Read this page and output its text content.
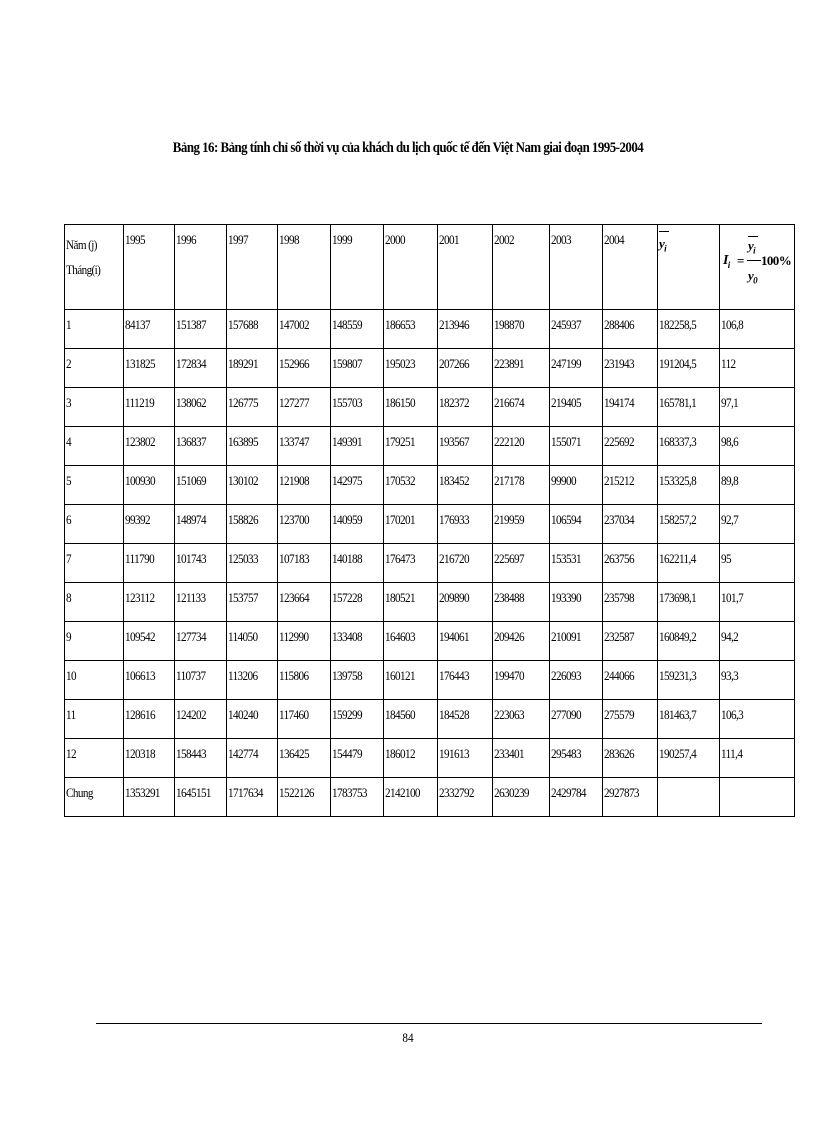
Bảng 16: Bảng tính chỉ số thời vụ của khách du lịch quốc tế đến Việt Nam giai đoạn 1995-2004
Năm (j)
Tháng(i)	1995	1996	1997	1998	1999	2000	2001	2002	2003	2004	$y_i$	$I_i$ =
$y_i$
$y_0$
100%

1	84137	151387	157688	147002	148559	186653	213946	198870	245937	288406	182258,5	106,8
2	131825	172834	189291	152966	159807	195023	207266	223891	247199	231943	191204,5	112
3	111219	138062	126775	127277	155703	186150	182372	216674	219405	194174	165781,1	97,1
4	123802	136837	163895	133747	149391	179251	193567	222120	155071	225692	168337,3	98,6
5	100930	151069	130102	121908	142975	170532	183452	217178	99900	215212	153325,8	89,8
6	99392	148974	158826	123700	140959	170201	176933	219959	106594	237034	158257,2	92,7
7	111790	101743	125033	107183	140188	176473	216720	225697	153531	263756	162211,4	95
8	123112	121133	153757	123664	157228	180521	209890	238488	193390	235798	173698,1	101,7
9	109542	127734	114050	112990	133408	164603	194061	209426	210091	232587	160849,2	94,2
10	106613	110737	113206	115806	139758	160121	176443	199470	226093	244066	159231,3	93,3
11	128616	124202	140240	117460	159299	184560	184528	223063	277090	275579	181463,7	106,3
12	120318	158443	142774	136425	154479	186012	191613	233401	295483	283626	190257,4	111,4
Chung	1353291	1645151	1717634	1522126	1783753	2142100	2332792	2630239	2429784	2927873		
84
